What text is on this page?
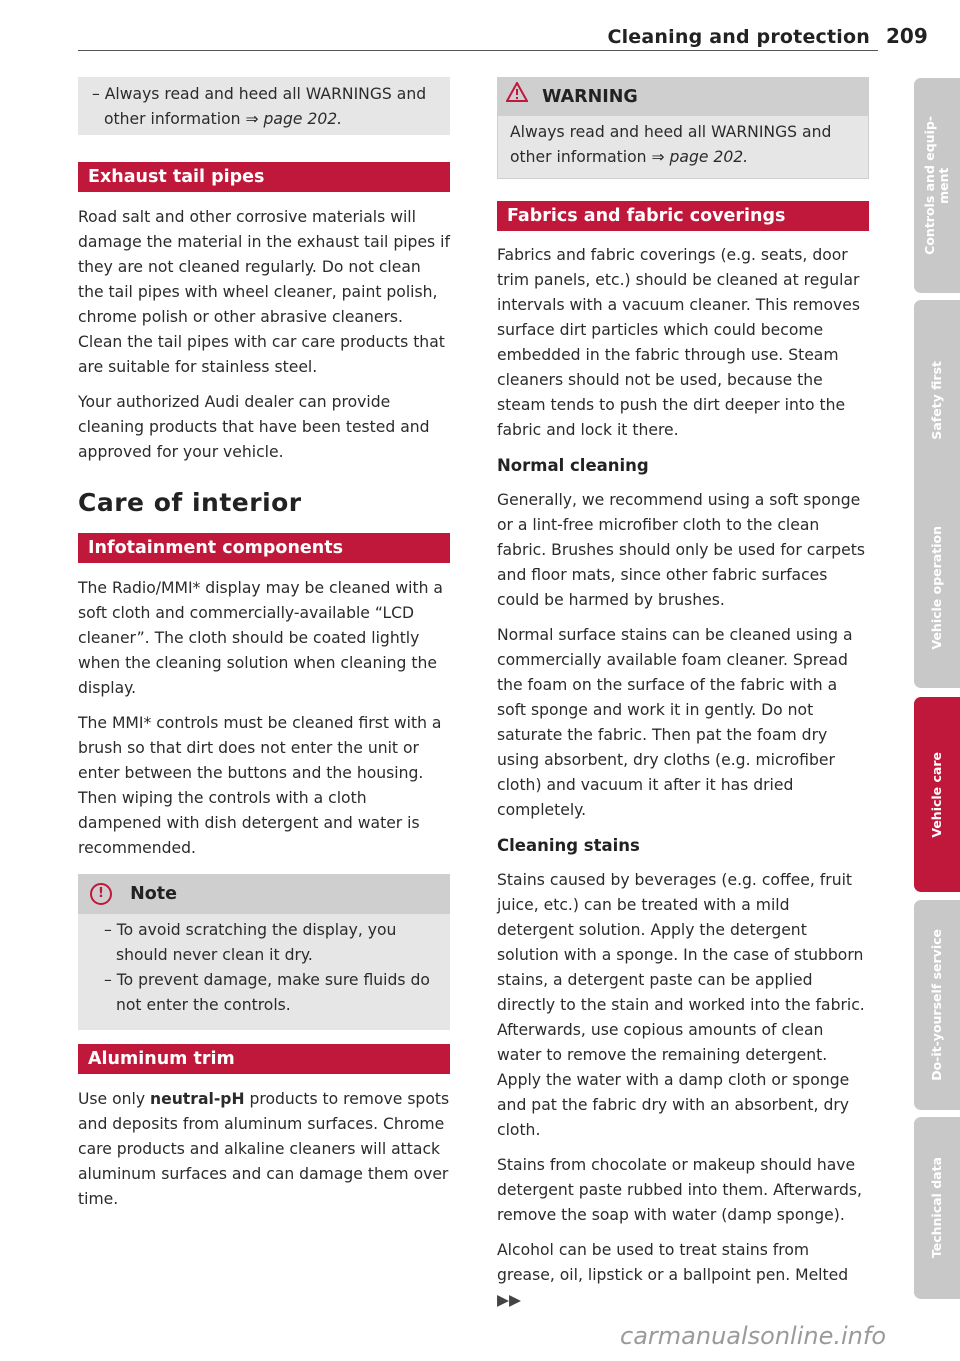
Cleaning and protection 209
– Always read and heed all WARNINGS and other information ⇒ page 202.
Exhaust tail pipes

Road salt and other corrosive materials will damage the material in the exhaust tail pipes if they are not cleaned regularly. Do not clean the tail pipes with wheel cleaner, paint polish, chrome polish or other abrasive cleaners. Clean the tail pipes with car care products that are suitable for stainless steel.

Your authorized Audi dealer can provide cleaning products that have been tested and approved for your vehicle.

Care of interior
Infotainment components

The Radio/MMI* display may be cleaned with a soft cloth and commercially-available “LCD cleaner”. The cloth should be coated lightly when the cleaning solution when cleaning the display.

The MMI* controls must be cleaned first with a brush so that dirt does not enter the unit or enter between the buttons and the housing. Then wiping the controls with a cloth dampened with dish detergent and water is recommended.

! Note
– To avoid scratching the display, you should never clean it dry.
– To prevent damage, make sure fluids do not enter the controls.
Aluminum trim

Use only neutral-pH products to remove spots and deposits from aluminum surfaces. Chrome care products and alkaline cleaners will attack aluminum surfaces and can damage them over time.

WARNING

Always read and heed all WARNINGS and other information ⇒ page 202.

Fabrics and fabric coverings

Fabrics and fabric coverings (e.g. seats, door trim panels, etc.) should be cleaned at regular intervals with a vacuum cleaner. This removes surface dirt particles which could become embedded in the fabric through use. Steam cleaners should not be used, because the steam tends to push the dirt deeper into the fabric and lock it there.

Normal cleaning

Generally, we recommend using a soft sponge or a lint-free microfiber cloth to the clean fabric. Brushes should only be used for carpets and floor mats, since other fabric surfaces could be harmed by brushes.

Normal surface stains can be cleaned using a commercially available foam cleaner. Spread the foam on the surface of the fabric with a soft sponge and work it in gently. Do not saturate the fabric. Then pat the foam dry using absorbent, dry cloths (e.g. microfiber cloth) and vacuum it after it has dried completely.

Cleaning stains

Stains caused by beverages (e.g. coffee, fruit juice, etc.) can be treated with a mild detergent solution. Apply the detergent solution with a sponge. In the case of stubborn stains, a detergent paste can be applied directly to the stain and worked into the fabric. Afterwards, use copious amounts of clean water to remove the remaining detergent. Apply the water with a damp cloth or sponge and pat the fabric dry with an absorbent, dry cloth.

Stains from chocolate or makeup should have detergent paste rubbed into them. Afterwards, remove the soap with water (damp sponge).

Alcohol can be used to treat stains from grease, oil, lipstick or a ballpoint pen. Melted ▶▶

Controls and equip-
ment
Safety first
Vehicle operation
Vehicle care
Do-it-yourself service
Technical data
carmanualsonline.info
